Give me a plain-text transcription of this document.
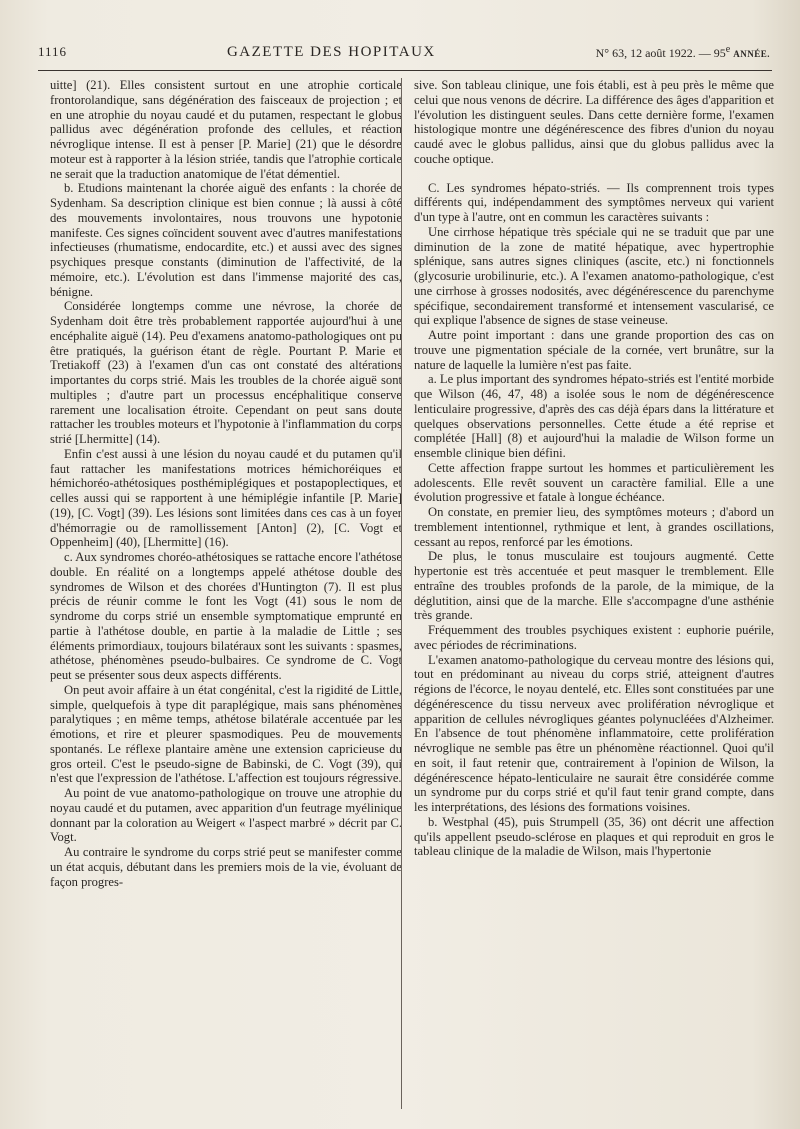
1116	GAZETTE DES HOPITAUX	N° 63, 12 août 1922. — 95e ANNÉE.

uitte] (21). Elles consistent surtout en une atrophie corticale frontorolandique, sans dégénération des faisceaux de projection ; et en une atrophie du noyau caudé et du putamen, respectant le globus pallidus avec dégénération profonde des cellules, et réaction névroglique intense. Il est à penser [P. Marie] (21) que le désordre moteur est à rapporter à la lésion striée, tandis que l'atrophie corticale ne serait que la traduction anatomique de l'état démentiel.

b. Etudions maintenant la chorée aiguë des enfants : la chorée de Sydenham. Sa description clinique est bien connue ; là aussi à côté des mouvements involontaires, nous trouvons une hypotonie manifeste. Ces signes coïncident souvent avec d'autres manifestations infectieuses (rhumatisme, endocardite, etc.) et aussi avec des signes psychiques presque constants (diminution de l'affectivité, de la mémoire, etc.). L'évolution est dans l'immense majorité des cas, bénigne.

Considérée longtemps comme une névrose, la chorée de Sydenham doit être très probablement rapportée aujourd'hui à une encéphalite aiguë (14). Peu d'examens anatomo-pathologiques ont pu être pratiqués, la guérison étant de règle. Pourtant P. Marie et Tretiakoff (23) à l'examen d'un cas ont constaté des altérations importantes du corps strié. Mais les troubles de la chorée aiguë sont multiples ; d'autre part un processus encéphalitique conserve rarement une localisation étroite. Cependant on peut sans doute rattacher les troubles moteurs et l'hypotonie à l'inflammation du corps strié [Lhermitte] (14).

Enfin c'est aussi à une lésion du noyau caudé et du putamen qu'il faut rattacher les manifestations motrices hémichoréiques et hémichoréo-athétosiques posthémiplégiques et postapoplectiques, et celles aussi qui se rapportent à une hémiplégie infantile [P. Marie] (19), [C. Vogt] (39). Les lésions sont limitées dans ces cas à un foyer d'hémorragie ou de ramollissement [Anton] (2), [C. Vogt et Oppenheim] (40), [Lhermitte] (16).

c. Aux syndromes choréo-athétosiques se rattache encore l'athétose double. En réalité on a longtemps appelé athétose double des syndromes de Wilson et des chorées d'Huntington (7). Il est plus précis de réunir comme le font les Vogt (41) sous le nom de syndrome du corps strié un ensemble symptomatique emprunté en partie à l'athétose double, en partie à la maladie de Little ; ses éléments primordiaux, toujours bilatéraux sont les suivants : spasmes, athétose, phénomènes pseudo-bulbaires. Ce syndrome de C. Vogt peut se présenter sous deux aspects différents.

On peut avoir affaire à un état congénital, c'est la rigidité de Little, simple, quelquefois à type dit paraplégique, mais sans phénomènes paralytiques ; en même temps, athétose bilatérale accentuée par les émotions, et rire et pleurer spasmodiques. Peu de mouvements spontanés. Le réflexe plantaire amène une extension capricieuse du gros orteil. C'est le pseudo-signe de Babinski, de C. Vogt (39), qui n'est que l'expression de l'athétose. L'affection est toujours régressive.

Au point de vue anatomo-pathologique on trouve une atrophie du noyau caudé et du putamen, avec apparition d'un feutrage myélinique donnant par la coloration au Weigert « l'aspect marbré » décrit par C. Vogt.

Au contraire le syndrome du corps strié peut se manifester comme un état acquis, débutant dans les premiers mois de la vie, évoluant de façon progres-

sive. Son tableau clinique, une fois établi, est à peu près le même que celui que nous venons de décrire. La différence des âges d'apparition et l'évolution les distinguent seules. Dans cette dernière forme, l'examen histologique montre une dégénérescence des fibres d'union du noyau caudé avec le globus pallidus, ainsi que du globus pallidus avec la couche optique.

C. Les syndromes hépato-striés. — Ils comprennent trois types différents qui, indépendamment des symptômes nerveux qui varient d'un type à l'autre, ont en commun les caractères suivants :

Une cirrhose hépatique très spéciale qui ne se traduit que par une diminution de la zone de matité hépatique, avec hypertrophie splénique, sans autres signes cliniques (ascite, etc.) ni fonctionnels (glycosurie urobilinurie, etc.). A l'examen anatomo-pathologique, c'est une cirrhose à grosses nodosités, avec dégénérescence du parenchyme spécifique, secondairement transformé et intensement vascularisé, ce qui explique l'absence de signes de stase veineuse.

Autre point important : dans une grande proportion des cas on trouve une pigmentation spéciale de la cornée, vert brunâtre, sur la nature de laquelle la lumière n'est pas faite.

a. Le plus important des syndromes hépato-striés est l'entité morbide que Wilson (46, 47, 48) a isolée sous le nom de dégénérescence lenticulaire progressive, d'après des cas déjà épars dans la littérature et quelques observations personnelles. Cette étude a été reprise et complétée [Hall] (8) et aujourd'hui la maladie de Wilson forme un ensemble clinique bien défini.

Cette affection frappe surtout les hommes et particulièrement les adolescents. Elle revêt souvent un caractère familial. Elle a une évolution progressive et fatale à longue échéance.

On constate, en premier lieu, des symptômes moteurs ; d'abord un tremblement intentionnel, rythmique et lent, à grandes oscillations, cessant au repos, renforcé par les émotions.

De plus, le tonus musculaire est toujours augmenté. Cette hypertonie est très accentuée et peut masquer le tremblement. Elle entraîne des troubles profonds de la parole, de la mimique, de la déglutition, ainsi que de la marche. Elle s'accompagne d'une asthénie très grande.

Fréquemment des troubles psychiques existent : euphorie puérile, avec périodes de récriminations.

L'examen anatomo-pathologique du cerveau montre des lésions qui, tout en prédominant au niveau du corps strié, atteignent d'autres régions de l'écorce, le noyau dentelé, etc. Elles sont constituées par une dégénérescence du tissu nerveux avec prolifération névroglique et apparition de cellules névrogliques géantes polynucléées d'Alzheimer. En l'absence de tout phénomène inflammatoire, cette prolifération névroglique ne semble pas être un phénomène réactionnel. Quoi qu'il en soit, il faut retenir que, contrairement à l'opinion de Wilson, la dégénérescence hépato-lenticulaire ne saurait être considérée comme un syndrome pur du corps strié et qu'il faut tenir grand compte, dans les interprétations, des lésions des formations voisines.

b. Westphal (45), puis Strumpell (35, 36) ont décrit une affection qu'ils appellent pseudo-sclérose en plaques et qui reproduit en gros le tableau clinique de la maladie de Wilson, mais l'hypertonie
